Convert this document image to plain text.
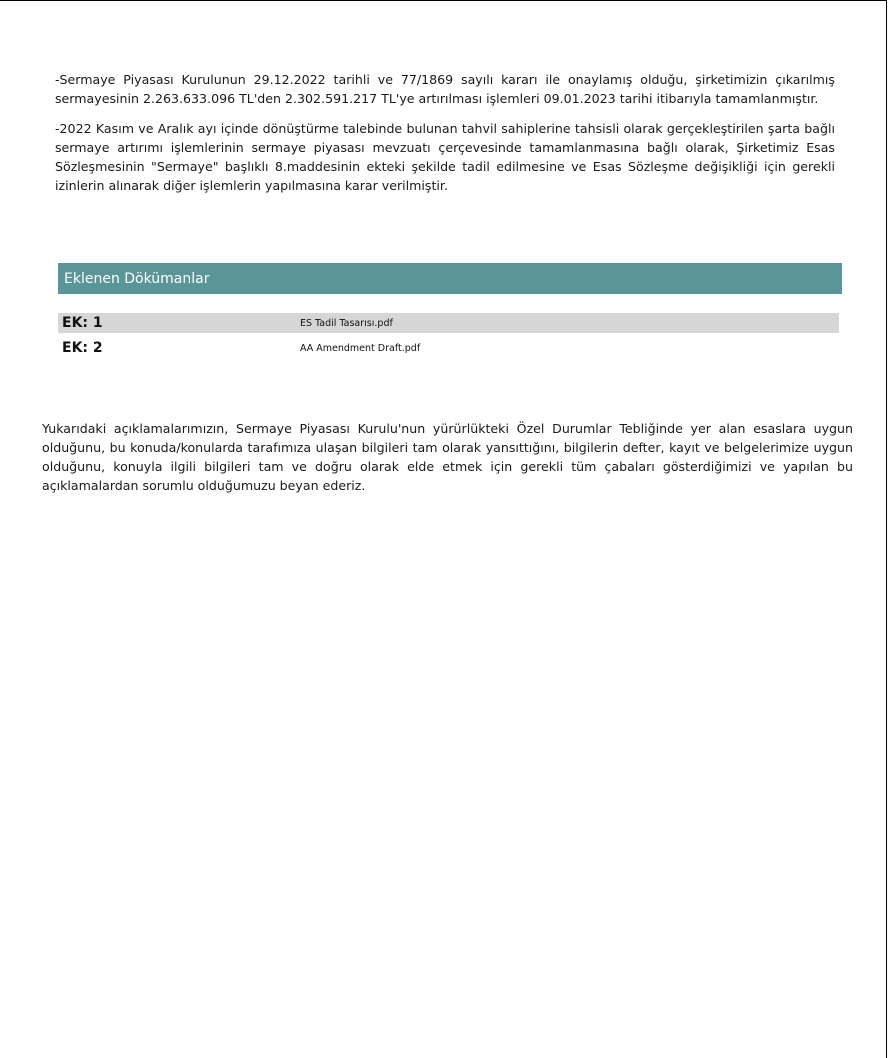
-Sermaye Piyasası Kurulunun 29.12.2022 tarihli ve 77/1869 sayılı kararı ile onaylamış olduğu, şirketimizin çıkarılmış sermayesinin 2.263.633.096 TL'den 2.302.591.217 TL'ye artırılması işlemleri 09.01.2023 tarihi itibarıyla tamamlanmıştır.

-2022 Kasım ve Aralık ayı içinde dönüştürme talebinde bulunan tahvil sahiplerine tahsisli olarak gerçekleştirilen şarta bağlı sermaye artırımı işlemlerinin sermaye piyasası mevzuatı çerçevesinde tamamlanmasına bağlı olarak, Şirketimiz Esas Sözleşmesinin "Sermaye" başlıklı 8.maddesinin ekteki şekilde tadil edilmesine ve Esas Sözleşme değişikliği için gerekli izinlerin alınarak diğer işlemlerin yapılmasına karar verilmiştir.

Eklenen Dökümanlar
EK: 1	ES Tadil Tasarısı.pdf
EK: 2	AA Amendment Draft.pdf

Yukarıdaki açıklamalarımızın, Sermaye Piyasası Kurulu'nun yürürlükteki Özel Durumlar Tebliğinde yer alan esaslara uygun olduğunu, bu konuda/konularda tarafımıza ulaşan bilgileri tam olarak yansıttığını, bilgilerin defter, kayıt ve belgelerimize uygun olduğunu, konuyla ilgili bilgileri tam ve doğru olarak elde etmek için gerekli tüm çabaları gösterdiğimizi ve yapılan bu açıklamalardan sorumlu olduğumuzu beyan ederiz.
